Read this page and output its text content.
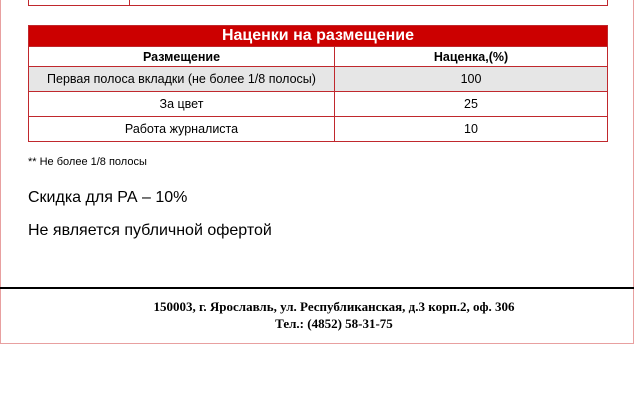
Наценки на размещение	
Размещение	Наценка,(%)
Первая полоса вкладки (не более 1/8 полосы)	100
За цвет	25
Работа журналиста	10
** Не более 1/8 полосы
Скидка для РА – 10%
Не является публичной офертой
150003, г. Ярославль, ул. Республиканская, д.3 корп.2, оф. 306
Тел.: (4852) 58-31-75
